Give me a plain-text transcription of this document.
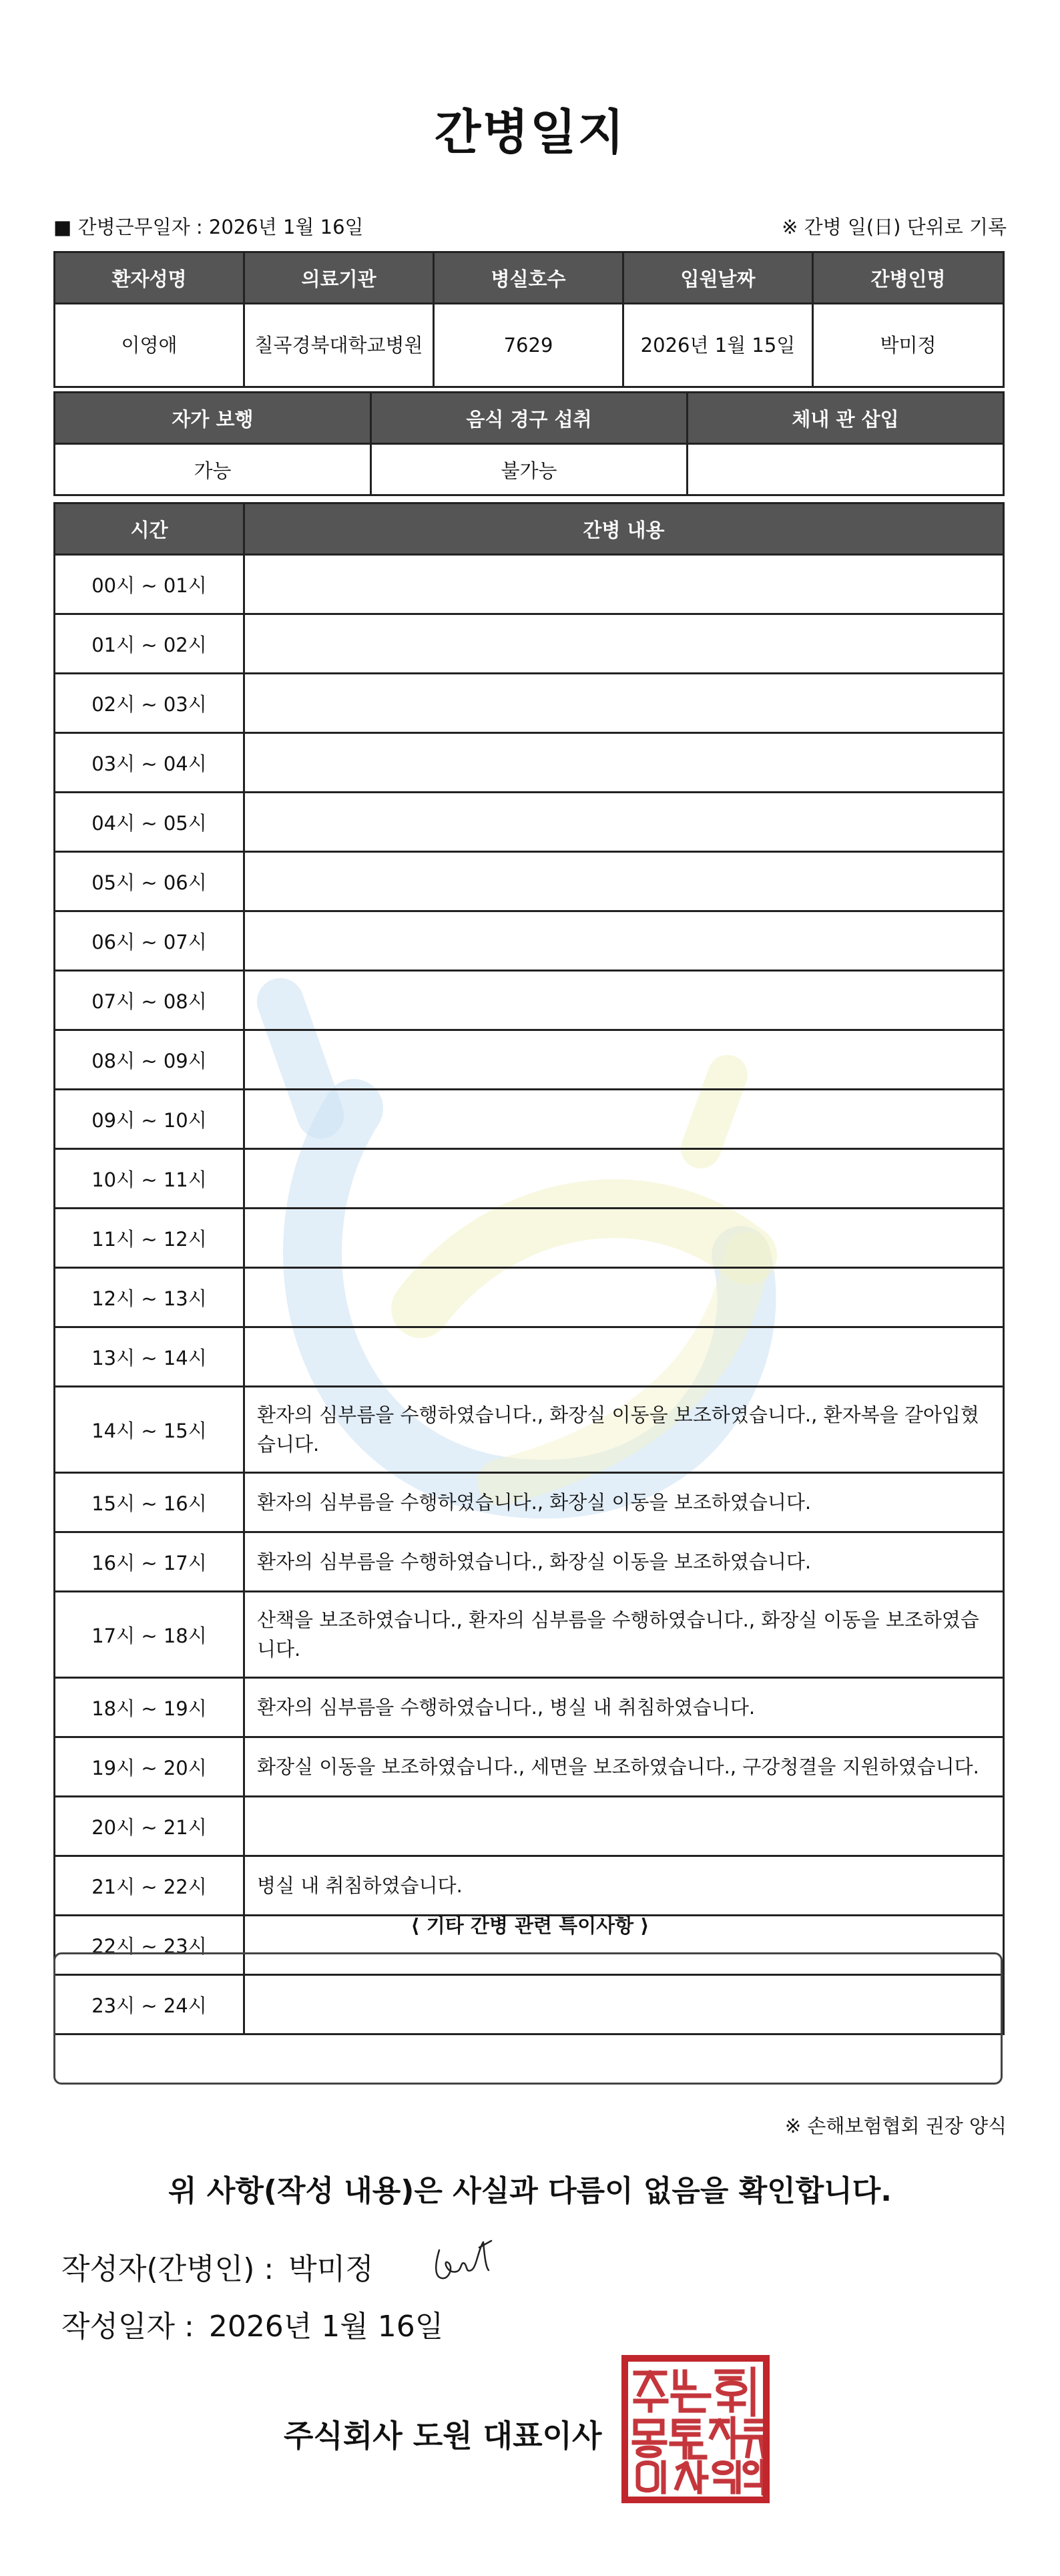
간병일지
■ 간병근무일자 : 2026년 1월 16일	※ 간병 일(日) 단위로 기록
환자성명	의료기관	병실호수	입원날짜	간병인명
이영애	칠곡경북대학교병원	7629	2026년 1월 15일	박미정
자가 보행	음식 경구 섭취	체내 관 삽입
가능	불가능	
시간	간병 내용
00시 ~ 01시	
01시 ~ 02시	
02시 ~ 03시	
03시 ~ 04시	
04시 ~ 05시	
05시 ~ 06시	
06시 ~ 07시	
07시 ~ 08시	
08시 ~ 09시	
09시 ~ 10시	
10시 ~ 11시	
11시 ~ 12시	
12시 ~ 13시	
13시 ~ 14시	
14시 ~ 15시	환자의 심부름을 수행하였습니다., 화장실 이동을 보조하였습니다., 환자복을 갈아입혔습니다.
15시 ~ 16시	환자의 심부름을 수행하였습니다., 화장실 이동을 보조하였습니다.
16시 ~ 17시	환자의 심부름을 수행하였습니다., 화장실 이동을 보조하였습니다.
17시 ~ 18시	산책을 보조하였습니다., 환자의 심부름을 수행하였습니다., 화장실 이동을 보조하였습니다.
18시 ~ 19시	환자의 심부름을 수행하였습니다., 병실 내 취침하였습니다.
19시 ~ 20시	화장실 이동을 보조하였습니다., 세면을 보조하였습니다., 구강청결을 지원하였습니다.
20시 ~ 21시	
21시 ~ 22시	병실 내 취침하였습니다.
22시 ~ 23시	
23시 ~ 24시	
⟨ 기타 간병 관련 특이사항 ⟩
※ 손해보험협회 권장 양식
위 사항(작성 내용)은 사실과 다름이 없음을 확인합니다.
작성자(간병인) : 박미정
작성일자 : 2026년 1월 16일
주식회사 도원 대표이사
